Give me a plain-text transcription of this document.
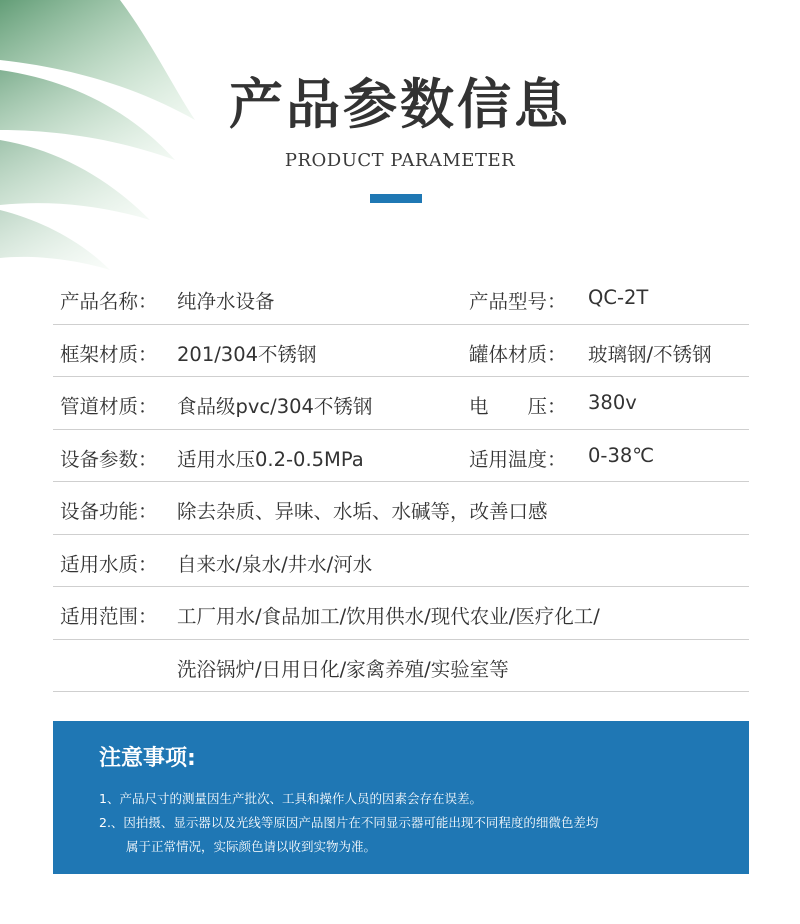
产品参数信息
PRODUCT PARAMETER
产品名称： 纯净水设备	产品型号： QC-2T
框架材质： 201/304不锈钢	罐体材质： 玻璃钢/不锈钢
管道材质： 食品级pvc/304不锈钢	电　　压： 380v
设备参数： 适用水压0.2-0.5MPa	适用温度： 0-38℃
设备功能： 除去杂质、异味、水垢、水碱等，改善口感
适用水质： 自来水/泉水/井水/河水
适用范围： 工厂用水/食品加工/饮用供水/现代农业/医疗化工/
洗浴锅炉/日用日化/家禽养殖/实验室等
注意事项:
1、产品尺寸的测量因生产批次、工具和操作人员的因素会存在误差。
2.、因拍摄、显示器以及光线等原因产品图片在不同显示器可能出现不同程度的细微色差均
属于正常情况，实际颜色请以收到实物为准。
